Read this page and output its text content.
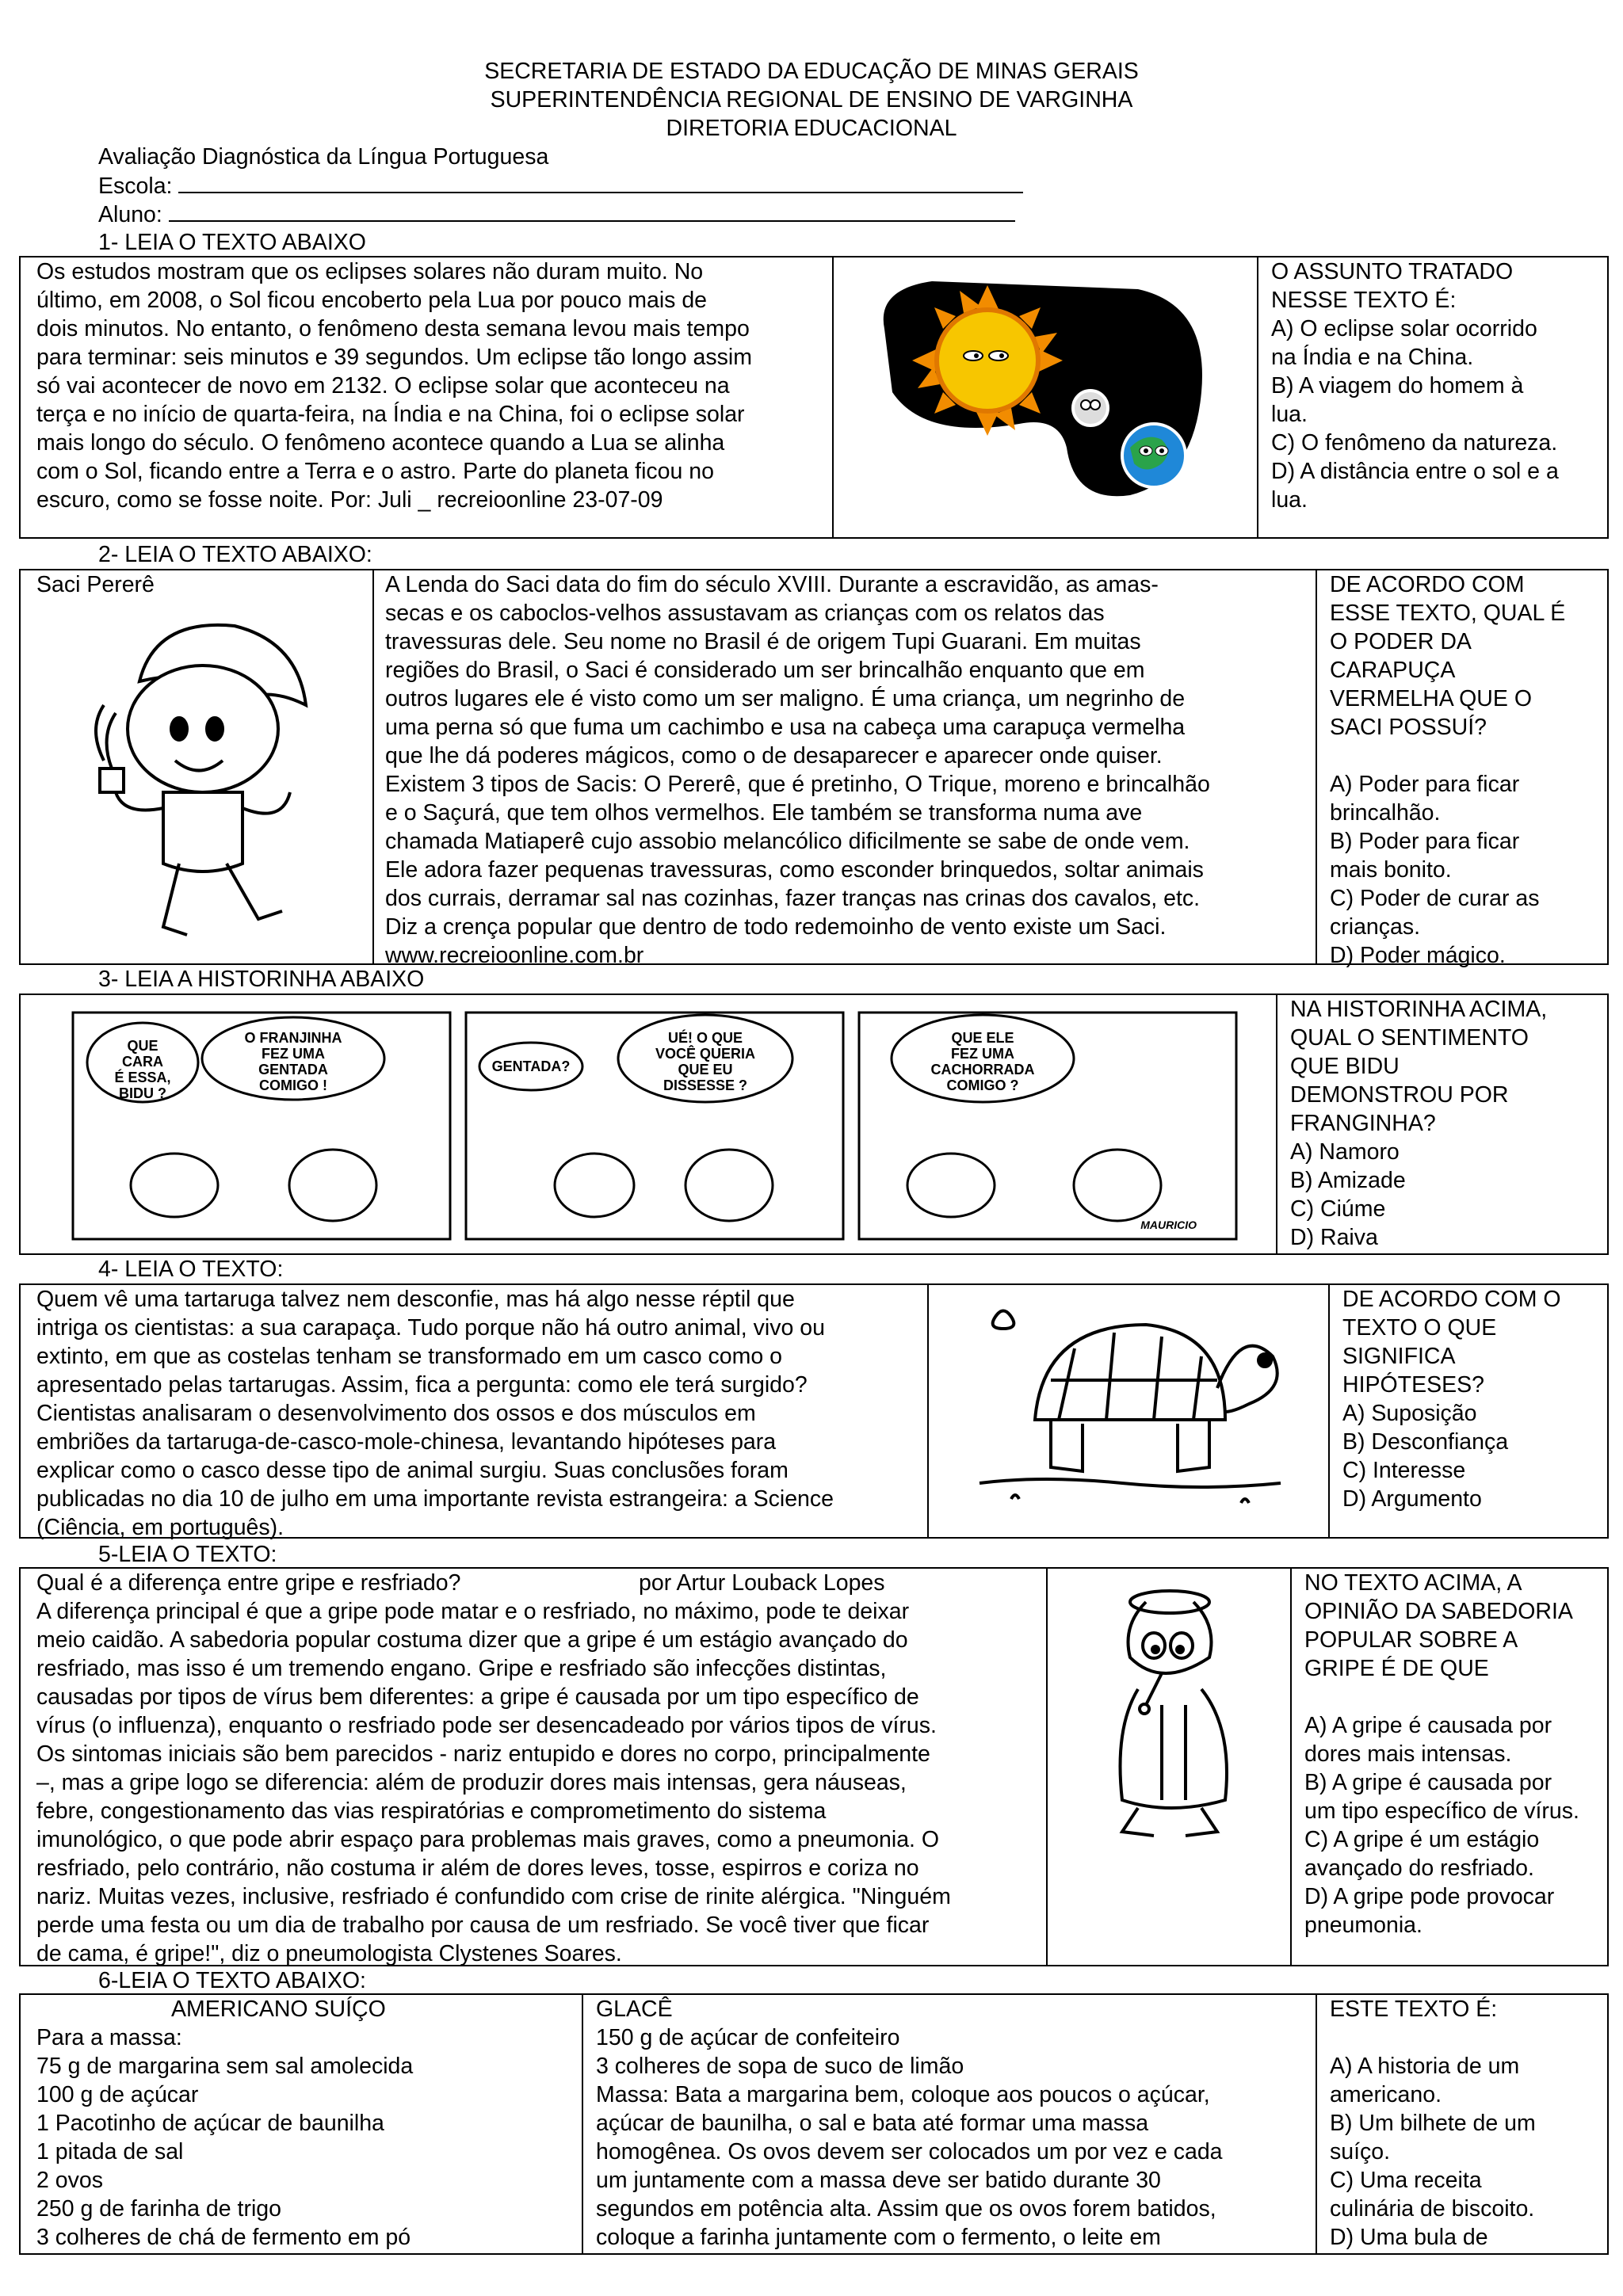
SECRETARIA DE ESTADO DA EDUCAÇÃO DE MINAS GERAIS
SUPERINTENDÊNCIA REGIONAL DE ENSINO DE VARGINHA
DIRETORIA EDUCACIONAL
Avaliação Diagnóstica da Língua Portuguesa
Escola:
Aluno:
1- LEIA O TEXTO ABAIXO
Os estudos mostram que os eclipses solares não duram muito. No
último, em 2008, o Sol ficou encoberto pela Lua por pouco mais de
dois minutos. No entanto, o fenômeno desta semana levou mais tempo
para terminar: seis minutos e 39 segundos. Um eclipse tão longo assim
só vai acontecer de novo em 2132. O eclipse solar que aconteceu na
terça e no início de quarta-feira, na Índia e na China, foi o eclipse solar
mais longo do século. O fenômeno acontece quando a Lua se alinha
com o Sol, ficando entre a Terra e o astro. Parte do planeta ficou no
escuro, como se fosse noite. Por: Juli _ recreioonline 23-07-09
O ASSUNTO TRATADO
NESSE TEXTO É:
A) O eclipse solar ocorrido
na Índia e na China.
B) A viagem do homem à
lua.
C) O fenômeno da natureza.
D) A distância entre o sol e a
lua.
2- LEIA O TEXTO ABAIXO:
Saci Pererê	A Lenda do Saci data do fim do século XVIII. Durante a escravidão, as amas-
secas e os caboclos-velhos assustavam as crianças com os relatos das
travessuras dele. Seu nome no Brasil é de origem Tupi Guarani. Em muitas
regiões do Brasil, o Saci é considerado um ser brincalhão enquanto que em
outros lugares ele é visto como um ser maligno. É uma criança, um negrinho de
uma perna só que fuma um cachimbo e usa na cabeça uma carapuça vermelha
que lhe dá poderes mágicos, como o de desaparecer e aparecer onde quiser.
Existem 3 tipos de Sacis: O Pererê, que é pretinho, O Trique, moreno e brincalhão
e o Saçurá, que tem olhos vermelhos. Ele também se transforma numa ave
chamada Matiaperê cujo assobio melancólico dificilmente se sabe de onde vem.
Ele adora fazer pequenas travessuras, como esconder brinquedos, soltar animais
dos currais, derramar sal nas cozinhas, fazer tranças nas crinas dos cavalos, etc.
Diz a crença popular que dentro de todo redemoinho de vento existe um Saci.
www.recreioonline.com.br
DE ACORDO COM
ESSE TEXTO, QUAL É
O PODER DA
CARAPUÇA
VERMELHA QUE O
SACI POSSUÍ?

A) Poder para ficar
brincalhão.
B) Poder para ficar
mais bonito.
C) Poder de curar as
crianças.
D) Poder mágico.
3- LEIA A HISTORINHA ABAIXO
QUE CARA É ESSA, BIDU ?
O FRANJINHA FEZ UMA GENTADA COMIGO !
GENTADA?
UÉ! O QUE VOCÊ QUERIA QUE EU DISSESSE ?
QUE ELE FEZ UMA CACHORRADA COMIGO ?
MAURICIO
NA HISTORINHA ACIMA,
QUAL O SENTIMENTO
QUE BIDU
DEMONSTROU POR
FRANGINHA?
A) Namoro
B) Amizade
C) Ciúme
D) Raiva
4- LEIA O TEXTO:
Quem vê uma tartaruga talvez nem desconfie, mas há algo nesse réptil que
intriga os cientistas: a sua carapaça. Tudo porque não há outro animal, vivo ou
extinto, em que as costelas tenham se transformado em um casco como o
apresentado pelas tartarugas. Assim, fica a pergunta: como ele terá surgido?
Cientistas analisaram o desenvolvimento dos ossos e dos músculos em
embriões da tartaruga-de-casco-mole-chinesa, levantando hipóteses para
explicar como o casco desse tipo de animal surgiu. Suas conclusões foram
publicadas no dia 10 de julho em uma importante revista estrangeira: a Science
(Ciência, em português).
DE ACORDO COM O
TEXTO O QUE
SIGNIFICA
HIPÓTESES?
A) Suposição
B) Desconfiança
C) Interesse
D) Argumento
5-LEIA O TEXTO:
Qual é a diferença entre gripe e resfriado?	por Artur Louback Lopes
A diferença principal é que a gripe pode matar e o resfriado, no máximo, pode te deixar
meio caidão. A sabedoria popular costuma dizer que a gripe é um estágio avançado do
resfriado, mas isso é um tremendo engano. Gripe e resfriado são infecções distintas,
causadas por tipos de vírus bem diferentes: a gripe é causada por um tipo específico de
vírus (o influenza), enquanto o resfriado pode ser desencadeado por vários tipos de vírus.
Os sintomas iniciais são bem parecidos - nariz entupido e dores no corpo, principalmente
–, mas a gripe logo se diferencia: além de produzir dores mais intensas, gera náuseas,
febre, congestionamento das vias respiratórias e comprometimento do sistema
imunológico, o que pode abrir espaço para problemas mais graves, como a pneumonia. O
resfriado, pelo contrário, não costuma ir além de dores leves, tosse, espirros e coriza no
nariz. Muitas vezes, inclusive, resfriado é confundido com crise de rinite alérgica. "Ninguém
perde uma festa ou um dia de trabalho por causa de um resfriado. Se você tiver que ficar
de cama, é gripe!", diz o pneumologista Clystenes Soares.
NO TEXTO ACIMA, A
OPINIÃO DA SABEDORIA
POPULAR SOBRE A
GRIPE É DE QUE

A) A gripe é causada por
dores mais intensas.
B) A gripe é causada por
um tipo específico de vírus.
C) A gripe é um estágio
avançado do resfriado.
D) A gripe pode provocar
pneumonia.
6-LEIA O TEXTO ABAIXO:
AMERICANO SUÍÇO
Para a massa:
75 g de margarina sem sal amolecida
100 g de açúcar
1 Pacotinho de açúcar de baunilha
1 pitada de sal
2 ovos
250 g de farinha de trigo
3 colheres de chá de fermento em pó
GLACÊ
150 g de açúcar de confeiteiro
3 colheres de sopa de suco de limão
Massa: Bata a margarina bem, coloque aos poucos o açúcar,
açúcar de baunilha, o sal e bata até formar uma massa
homogênea. Os ovos devem ser colocados um por vez e cada
um juntamente com a massa deve ser batido durante 30
segundos em potência alta. Assim que os ovos forem batidos,
coloque a farinha juntamente com o fermento, o leite em
ESTE TEXTO É:

A) A historia de um
americano.
B) Um bilhete de um
suíço.
C) Uma receita
culinária de biscoito.
D) Uma bula de
